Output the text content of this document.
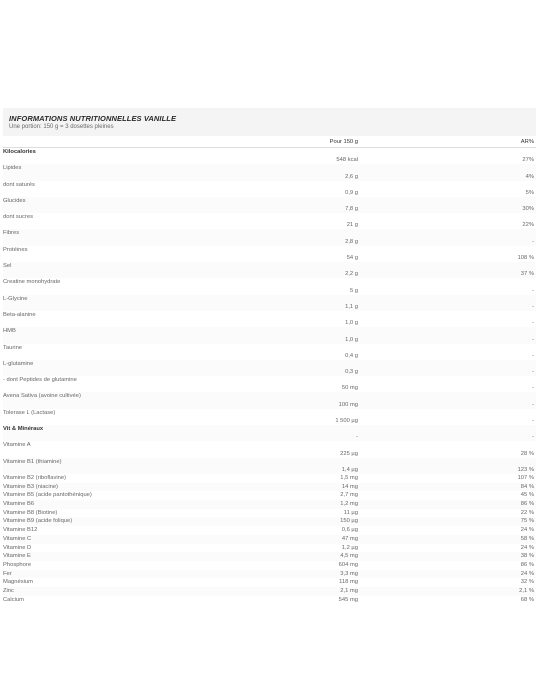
INFORMATIONS NUTRITIONNELLES VANILLE
Une portion: 150 g = 3 dosettes pleines
	Pour 150 g	AR%
Kilocalories	548 kcal	27%
Lipides	2,6 g	4%
dont saturés	0,9 g	5%
Glucides	7,8 g	30%
dont sucres	21 g	22%
Fibres	2,8 g	-
Protéines	54 g	108 %
Sel	2,2 g	37 %
Creatine monohydrate	5 g	-
L-Glycine	1,1 g	-
Beta-alanine	1,0 g	-
HMB	1,0 g	-
Taurine	0,4 g	-
L-glutamine	0,3 g	-
- dont Peptides de glutamine	50 mg	-
Avena Sativa (avoine cultivée)	100 mg	-
Tolerase L (Lactase)	1 500 µg	-
Vit & Minéraux	-	-
Vitamine A	225 µg	28 %
Vitamine B1 (thiamine)	1,4 µg	123 %
Vitamine B2 (riboflavine)	1,5 mg	107 %
Vitamine B3 (niacine)	14 mg	84 %
Vitamine B5 (acide pantothénique)	2,7 mg	45 %
Vitamine B6	1,2 mg	86 %
Vitamine B8 (Biotine)	11 µg	22 %
Vitamine B9 (acide folique)	150 µg	75 %
Vitamine B12	0,6 µg	24 %
Vitamine C	47 mg	58 %
Vitamine D	1,2 µg	24 %
Vitamine E	4,5 mg	38 %
Phosphore	604 mg	86 %
Fer	3,3 mg	24 %
Magnésium	118 mg	32 %
Zinc	2,1 mg	2,1 %
Calcium	545 mg	68 %
